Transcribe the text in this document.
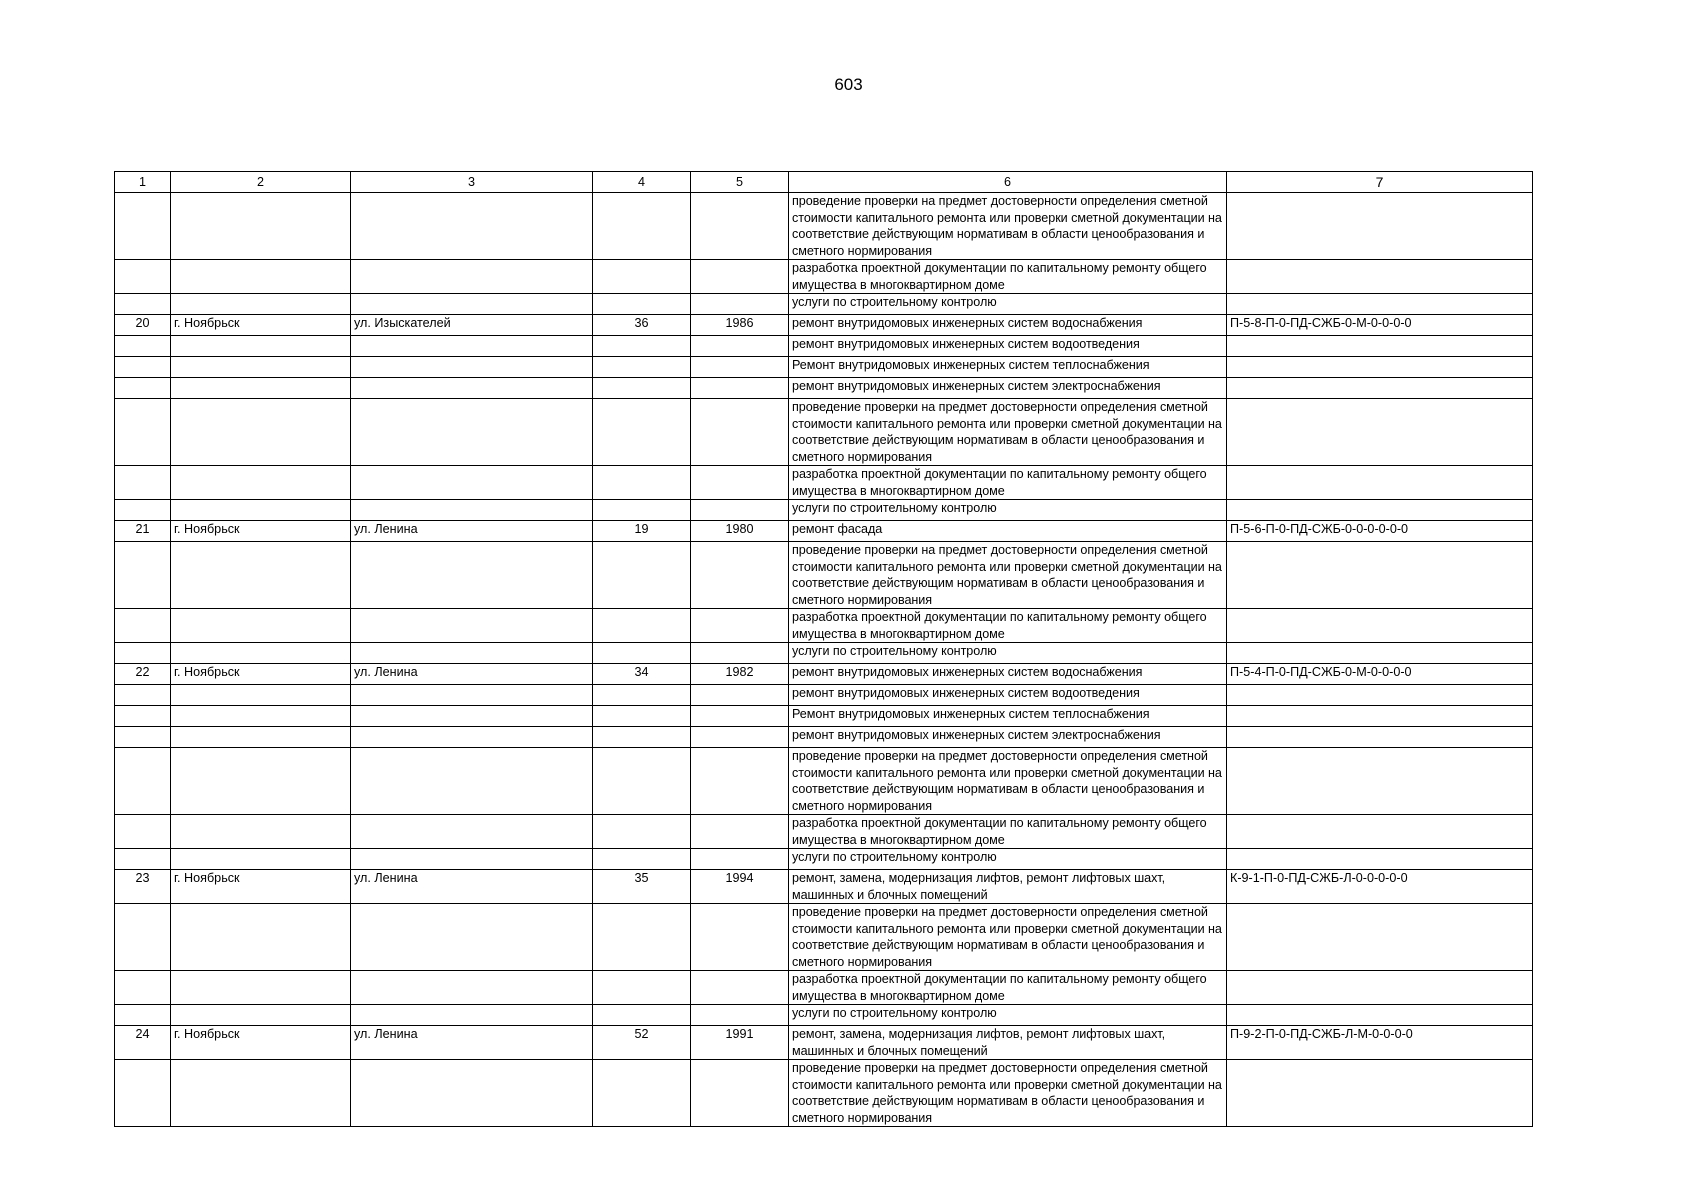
603
1	2	3	4	5	6	7
					проведение проверки на предмет достоверности определения сметной стоимости капитального ремонта или проверки сметной документации на соответствие действующим нормативам в области ценообразования и сметного нормирования	
					разработка проектной документации по капитальному ремонту общего имущества в многоквартирном доме	
					услуги по строительному контролю	
20	г. Ноябрьск	ул. Изыскателей	36	1986	ремонт внутридомовых инженерных систем водоснабжения	П-5-8-П-0-ПД-СЖБ-0-М-0-0-0-0
					ремонт внутридомовых инженерных систем водоотведения	
					Ремонт внутридомовых инженерных систем теплоснабжения	
					ремонт внутридомовых инженерных систем электроснабжения	
					проведение проверки на предмет достоверности определения сметной стоимости капитального ремонта или проверки сметной документации на соответствие действующим нормативам в области ценообразования и сметного нормирования	
					разработка проектной документации по капитальному ремонту общего имущества в многоквартирном доме	
					услуги по строительному контролю	
21	г. Ноябрьск	ул. Ленина	19	1980	ремонт фасада	П-5-6-П-0-ПД-СЖБ-0-0-0-0-0-0
					проведение проверки на предмет достоверности определения сметной стоимости капитального ремонта или проверки сметной документации на соответствие действующим нормативам в области ценообразования и сметного нормирования	
					разработка проектной документации по капитальному ремонту общего имущества в многоквартирном доме	
					услуги по строительному контролю	
22	г. Ноябрьск	ул. Ленина	34	1982	ремонт внутридомовых инженерных систем водоснабжения	П-5-4-П-0-ПД-СЖБ-0-М-0-0-0-0
					ремонт внутридомовых инженерных систем водоотведения	
					Ремонт внутридомовых инженерных систем теплоснабжения	
					ремонт внутридомовых инженерных систем электроснабжения	
					проведение проверки на предмет достоверности определения сметной стоимости капитального ремонта или проверки сметной документации на соответствие действующим нормативам в области ценообразования и сметного нормирования	
					разработка проектной документации по капитальному ремонту общего имущества в многоквартирном доме	
					услуги по строительному контролю	
23	г. Ноябрьск	ул. Ленина	35	1994	ремонт, замена, модернизация лифтов, ремонт лифтовых шахт, машинных и блочных помещений	К-9-1-П-0-ПД-СЖБ-Л-0-0-0-0-0
					проведение проверки на предмет достоверности определения сметной стоимости капитального ремонта или проверки сметной документации на соответствие действующим нормативам в области ценообразования и сметного нормирования	
					разработка проектной документации по капитальному ремонту общего имущества в многоквартирном доме	
					услуги по строительному контролю	
24	г. Ноябрьск	ул. Ленина	52	1991	ремонт, замена, модернизация лифтов, ремонт лифтовых шахт, машинных и блочных помещений	П-9-2-П-0-ПД-СЖБ-Л-М-0-0-0-0
					проведение проверки на предмет достоверности определения сметной стоимости капитального ремонта или проверки сметной документации на соответствие действующим нормативам в области ценообразования и сметного нормирования	
